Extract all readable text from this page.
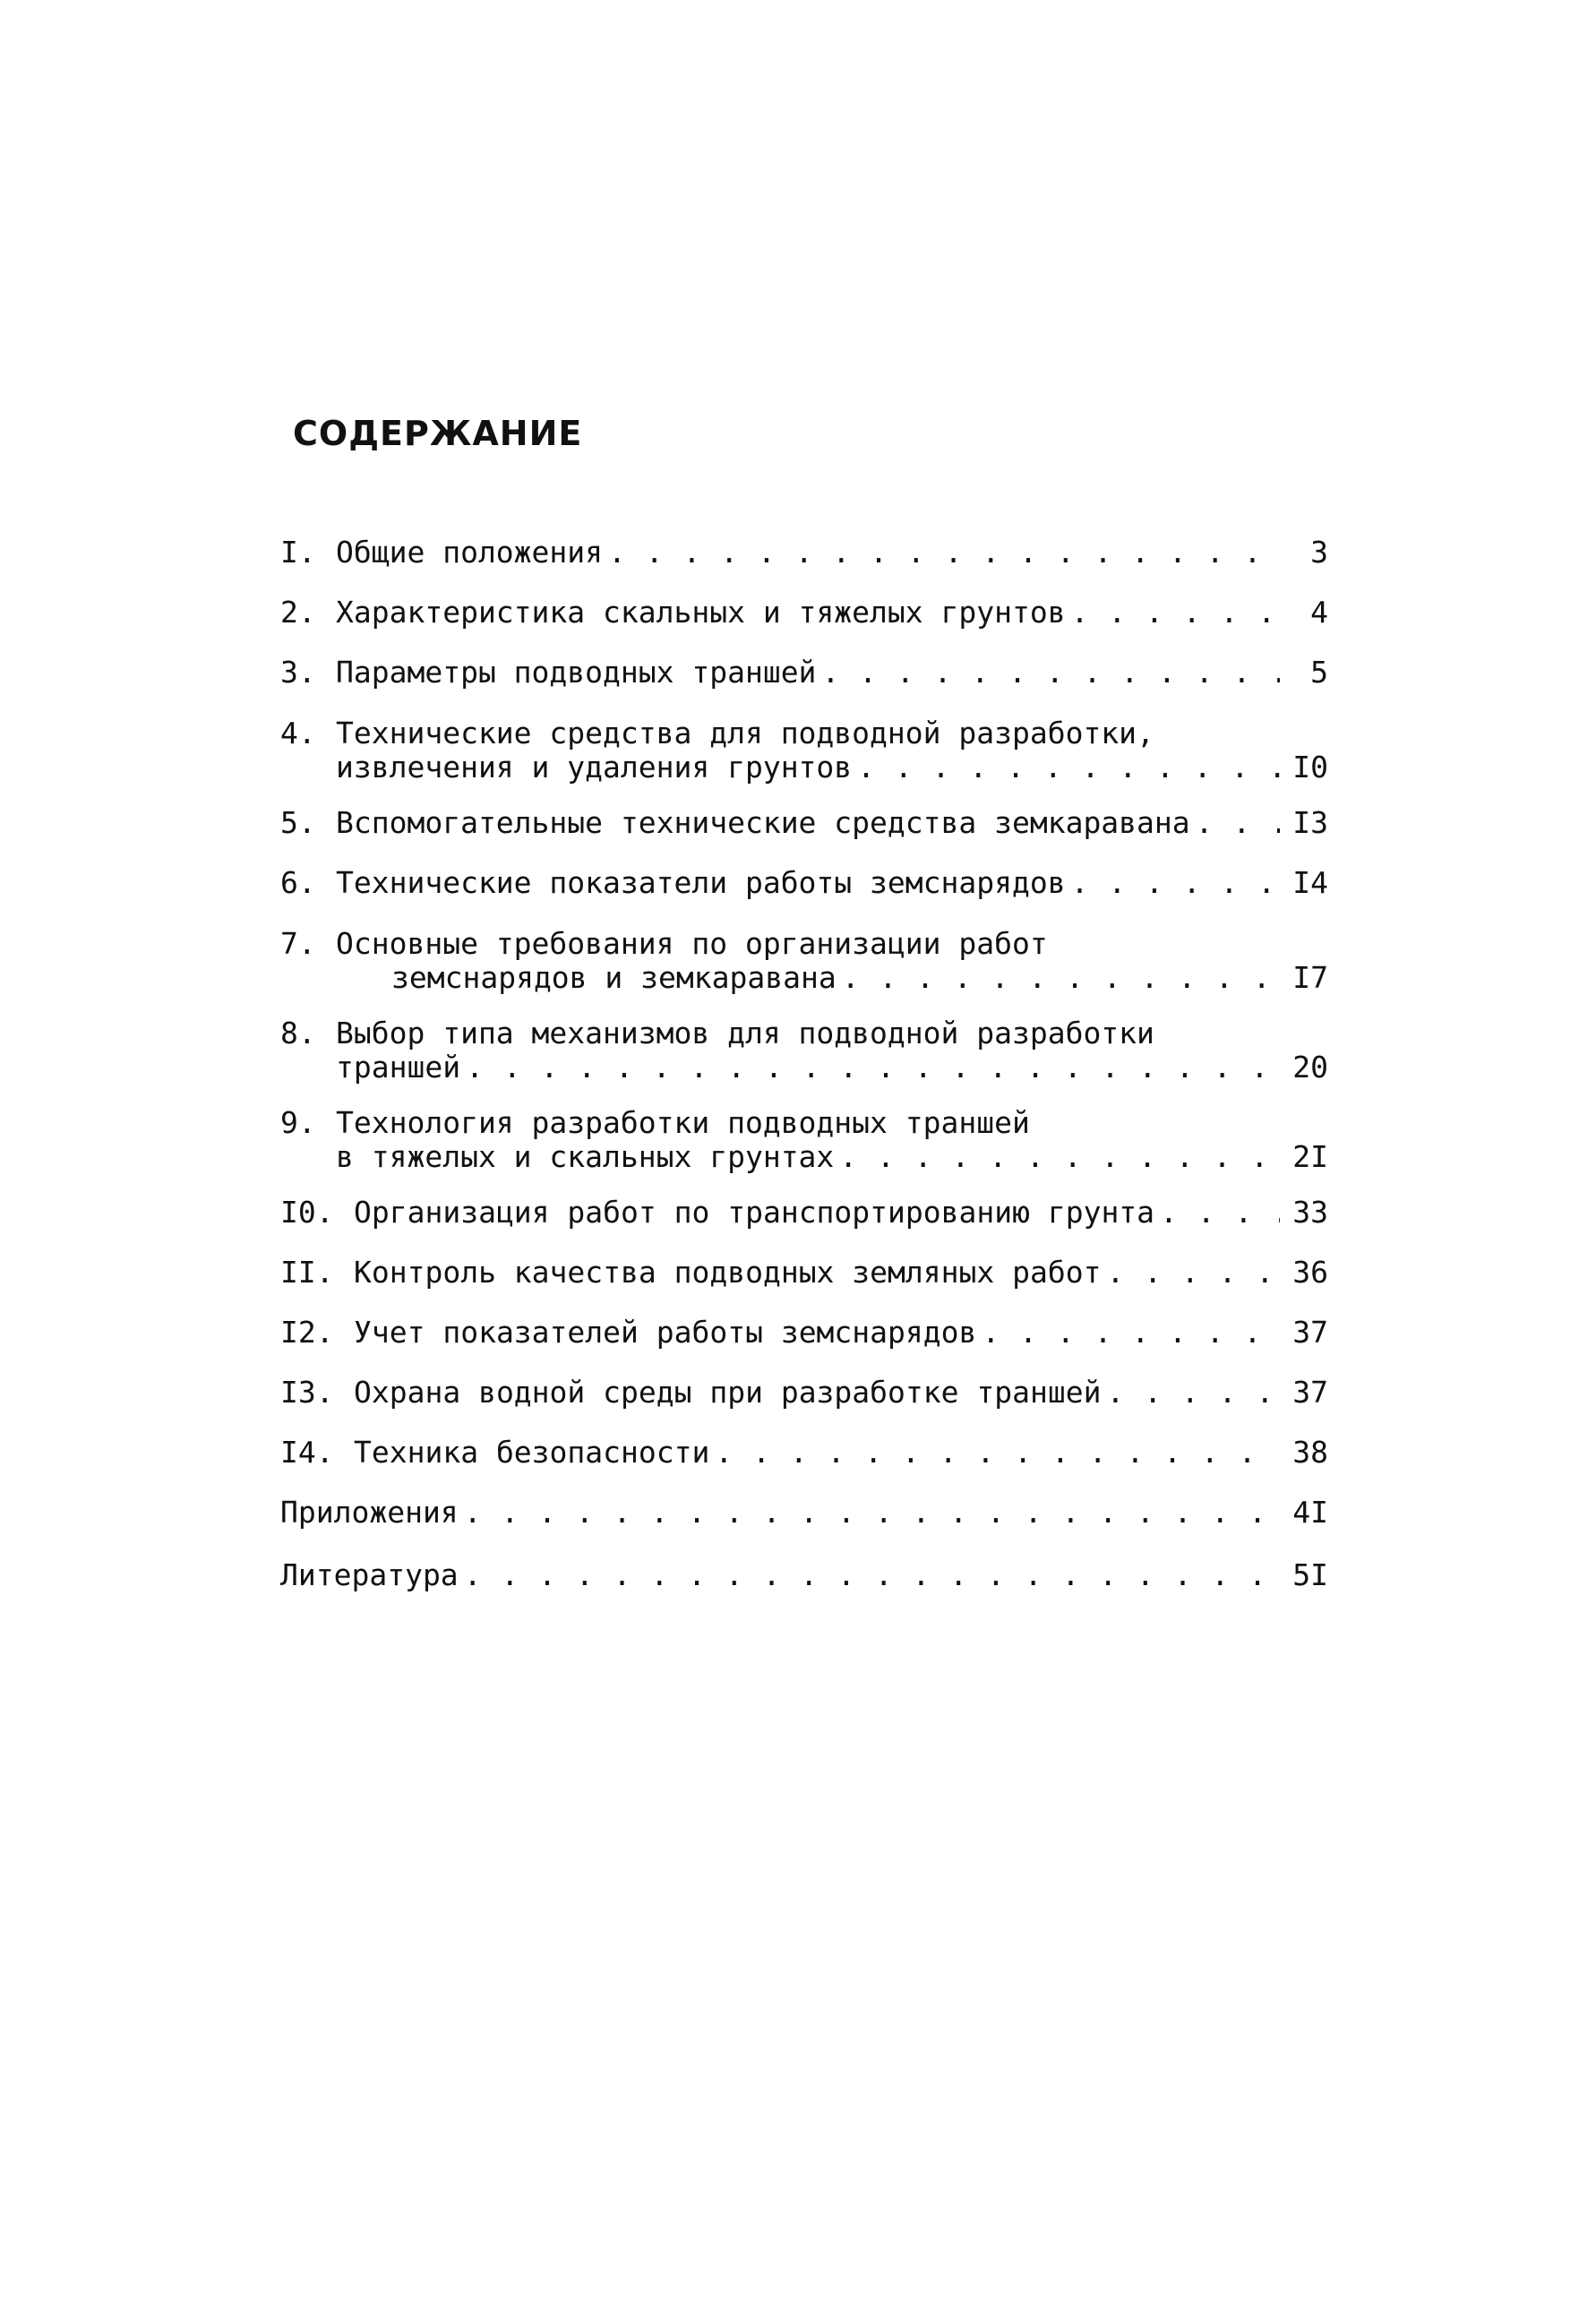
СОДЕРЖАНИЕ
I. Общие положения . . .	3
2. Характеристика скальных и тяжелых грунтов . . .	4
3. Параметры подводных траншей . . .	5
4. Технические средства для подводной разработки,
извлечения и удаления грунтов . . .	I0
5. Вспомогательные технические средства земкаравана . . .	I3
6. Технические показатели работы земснарядов . . .	I4
7. Основные требования по организации работ
земснарядов и земкаравана . . .	I7
8. Выбор типа механизмов для подводной разработки
траншей . . .	20
9. Технология разработки подводных траншей
в тяжелых и скальных грунтах . . .	2I
I0. Организация работ по транспортированию грунта . . .	33
II. Контроль качества подводных земляных работ . . .	36
I2. Учет показателей работы земснарядов . . .	37
I3. Охрана водной среды при разработке траншей . . .	37
I4. Техника безопасности . . .	38
Приложения . . .	4I
Литература . . .	5I
